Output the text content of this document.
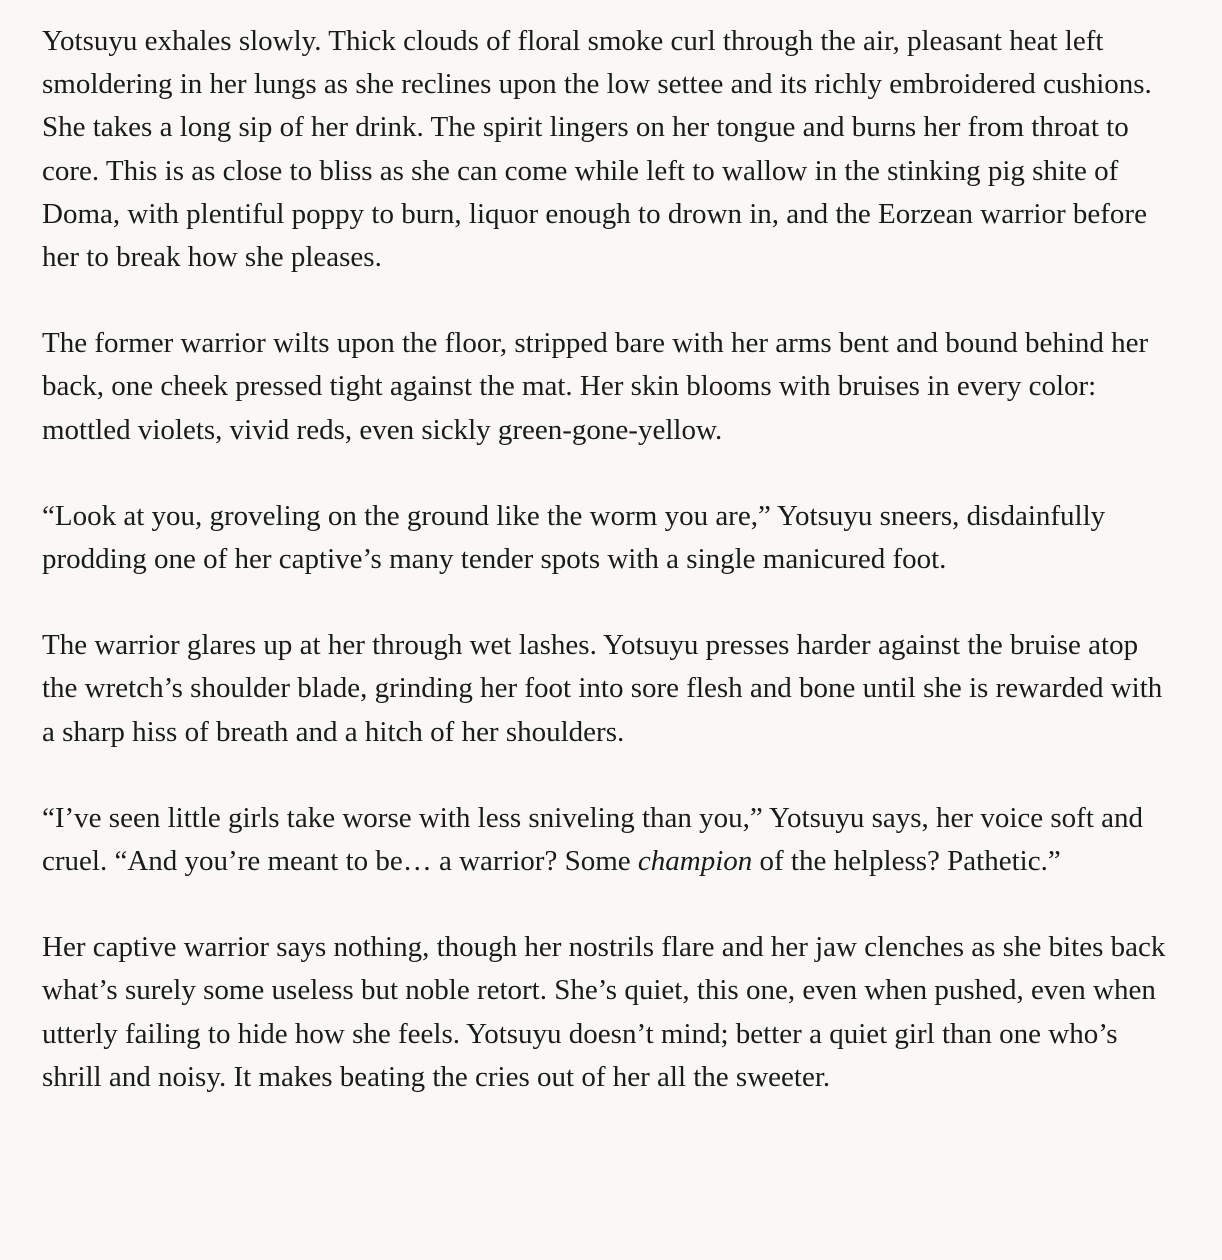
Yotsuyu exhales slowly. Thick clouds of floral smoke curl through the air, pleasant heat left smoldering in her lungs as she reclines upon the low settee and its richly embroidered cushions. She takes a long sip of her drink. The spirit lingers on her tongue and burns her from throat to core. This is as close to bliss as she can come while left to wallow in the stinking pig shite of Doma, with plentiful poppy to burn, liquor enough to drown in, and the Eorzean warrior before her to break how she pleases.

The former warrior wilts upon the floor, stripped bare with her arms bent and bound behind her back, one cheek pressed tight against the mat. Her skin blooms with bruises in every color: mottled violets, vivid reds, even sickly green-gone-yellow.

“Look at you, groveling on the ground like the worm you are,” Yotsuyu sneers, disdainfully prodding one of her captive’s many tender spots with a single manicured foot.

The warrior glares up at her through wet lashes. Yotsuyu presses harder against the bruise atop the wretch’s shoulder blade, grinding her foot into sore flesh and bone until she is rewarded with a sharp hiss of breath and a hitch of her shoulders.

“I’ve seen little girls take worse with less sniveling than you,” Yotsuyu says, her voice soft and cruel. “And you’re meant to be… a warrior? Some champion of the helpless? Pathetic.”

Her captive warrior says nothing, though her nostrils flare and her jaw clenches as she bites back what’s surely some useless but noble retort. She’s quiet, this one, even when pushed, even when utterly failing to hide how she feels. Yotsuyu doesn’t mind; better a quiet girl than one who’s shrill and noisy. It makes beating the cries out of her all the sweeter.
